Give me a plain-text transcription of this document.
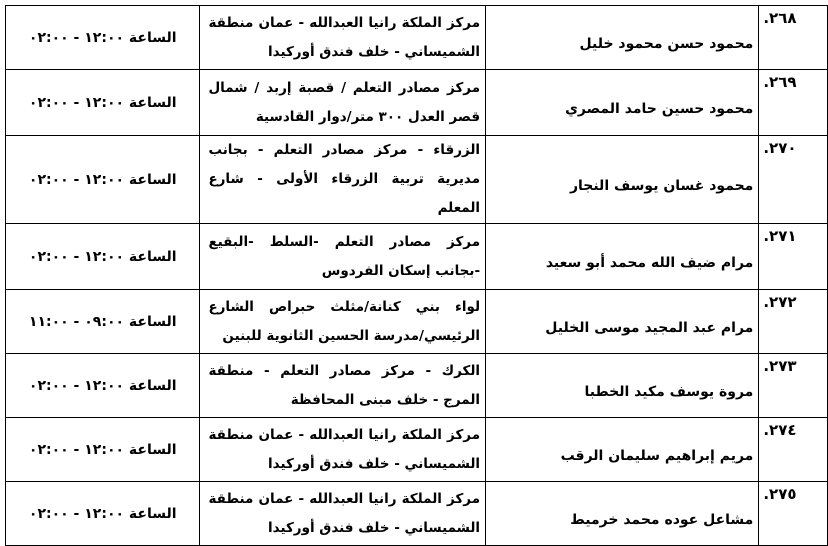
الساعة ١٢:٠٠ - ٠٢:٠٠	مركز الملكة رانيا العبدالله - عمان منطقة الشميساني - خلف فندق أوركيدا	محمود حسن محمود خليل	.٢٦٨
الساعة ١٢:٠٠ - ٠٢:٠٠	مركز مصادر التعلم / قصبة إربد / شمال قصر العدل ٣٠٠ متر/دوار القادسية	محمود حسين حامد المصري	.٢٦٩
الساعة ١٢:٠٠ - ٠٢:٠٠	الزرقاء - مركز مصادر التعلم - بجانب مديرية تربية الزرقاء الأولى - شارع المعلم	محمود غسان يوسف النجار	.٢٧٠
الساعة ١٢:٠٠ - ٠٢:٠٠	مركز مصادر التعلم -السلط -البقيع -بجانب إسكان الفردوس	مرام ضيف الله محمد أبو سعيد	.٢٧١
الساعة ٠٩:٠٠ - ١١:٠٠	لواء بني كنانة/مثلث حبراص الشارع الرئيسي/مدرسة الحسين الثانوية للبنين	مرام عبد المجيد موسى الخليل	.٢٧٢
الساعة ١٢:٠٠ - ٠٢:٠٠	الكرك - مركز مصادر التعلم - منطقة المرج - خلف مبنى المحافظة	مروة يوسف مكيد الخطبا	.٢٧٣
الساعة ١٢:٠٠ - ٠٢:٠٠	مركز الملكة رانيا العبدالله - عمان منطقة الشميساني - خلف فندق أوركيدا	مريم إبراهيم سليمان الرقب	.٢٧٤
الساعة ١٢:٠٠ - ٠٢:٠٠	مركز الملكة رانيا العبدالله - عمان منطقة الشميساني - خلف فندق أوركيدا	مشاعل عوده محمد خرميط	.٢٧٥
